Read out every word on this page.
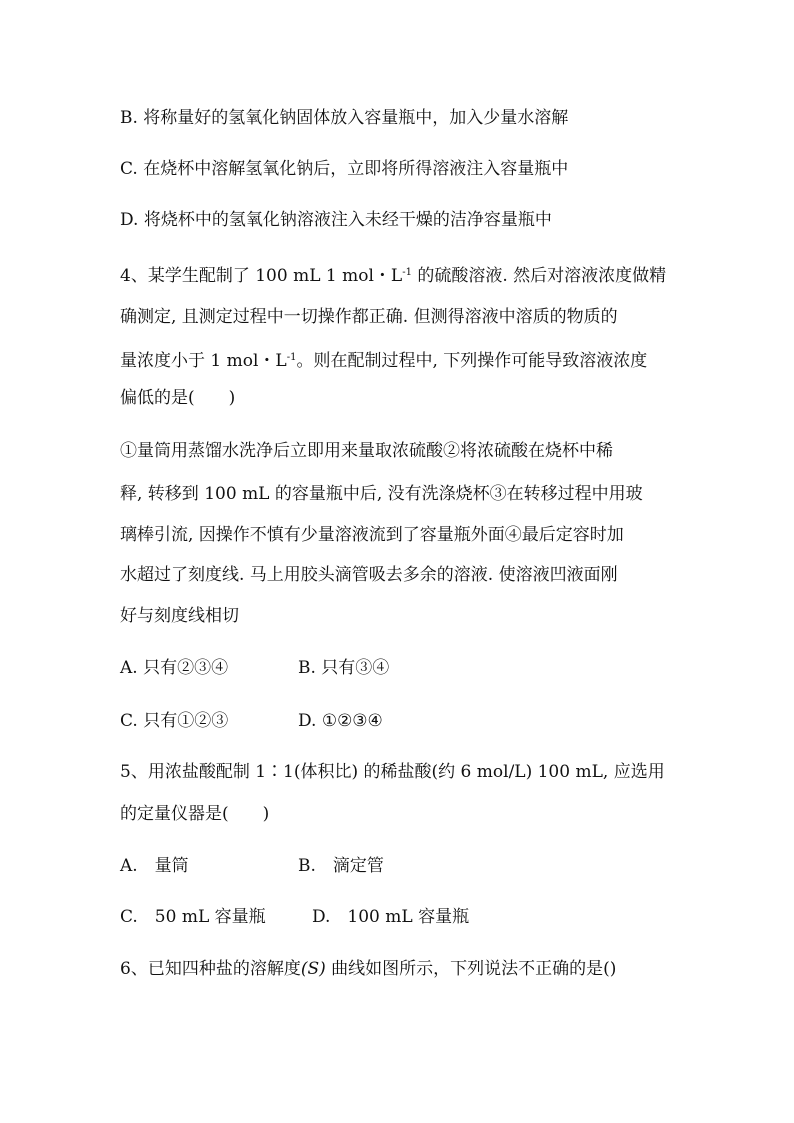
B. 将称量好的氢氧化钠固体放入容量瓶中，加入少量水溶解
C. 在烧杯中溶解氢氧化钠后，立即将所得溶液注入容量瓶中
D. 将烧杯中的氢氧化钠溶液注入未经干燥的洁净容量瓶中
4、某学生配制了 100 mL 1 mol・$L^{-1}$ 的硫酸溶液. 然后对溶液浓度做精
确测定, 且测定过程中一切操作都正确. 但测得溶液中溶质的物质的
量浓度小于 1 mol・$L^{-1}$。则在配制过程中, 下列操作可能导致溶液浓度
偏低的是(　　)
①量筒用蒸馏水洗净后立即用来量取浓硫酸②将浓硫酸在烧杯中稀
释, 转移到 100 mL 的容量瓶中后, 没有洗涤烧杯③在转移过程中用玻
璃棒引流, 因操作不慎有少量溶液流到了容量瓶外面④最后定容时加
水超过了刻度线. 马上用胶头滴管吸去多余的溶液. 使溶液凹液面刚
好与刻度线相切
A. 只有②③④	B. 只有③④
C. 只有①②③	D. ①②③④
5、用浓盐酸配制 1∶1(体积比) 的稀盐酸(约 6 mol/L) 100 mL, 应选用
的定量仪器是(　　)
A.　量筒	B.　滴定管
C.　50 mL 容量瓶	D.　100 mL 容量瓶
6、已知四种盐的溶解度(S) 曲线如图所示，下列说法不正确的是()
